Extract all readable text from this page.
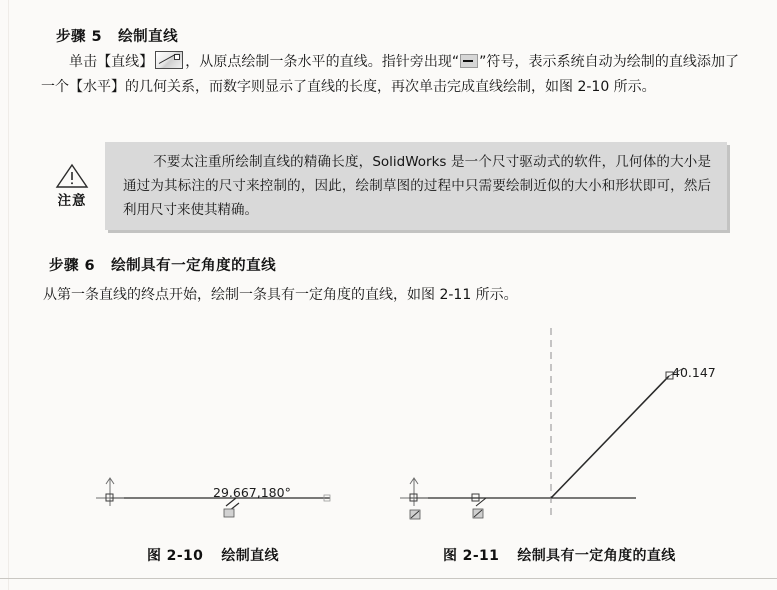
步骤 5 绘制直线
单击【直线】 ，从原点绘制一条水平的直线。指针旁出现“ ”符号，表示系统自动为绘制的直线添加了一个【水平】的几何关系，而数字则显示了直线的长度，再次单击完成直线绘制，如图 2-10 所示。
不要太注重所绘制直线的精确长度，SolidWorks 是一个尺寸驱动式的软件，几何体的大小是通过为其标注的尺寸来控制的，因此，绘制草图的过程中只需要绘制近似的大小和形状即可，然后利用尺寸来使其精确。
注意
步骤 6 绘制具有一定角度的直线
从第一条直线的终点开始，绘制一条具有一定角度的直线，如图 2-11 所示。
29.667,180°
40.147
图 2-10 绘制直线	图 2-11 绘制具有一定角度的直线
